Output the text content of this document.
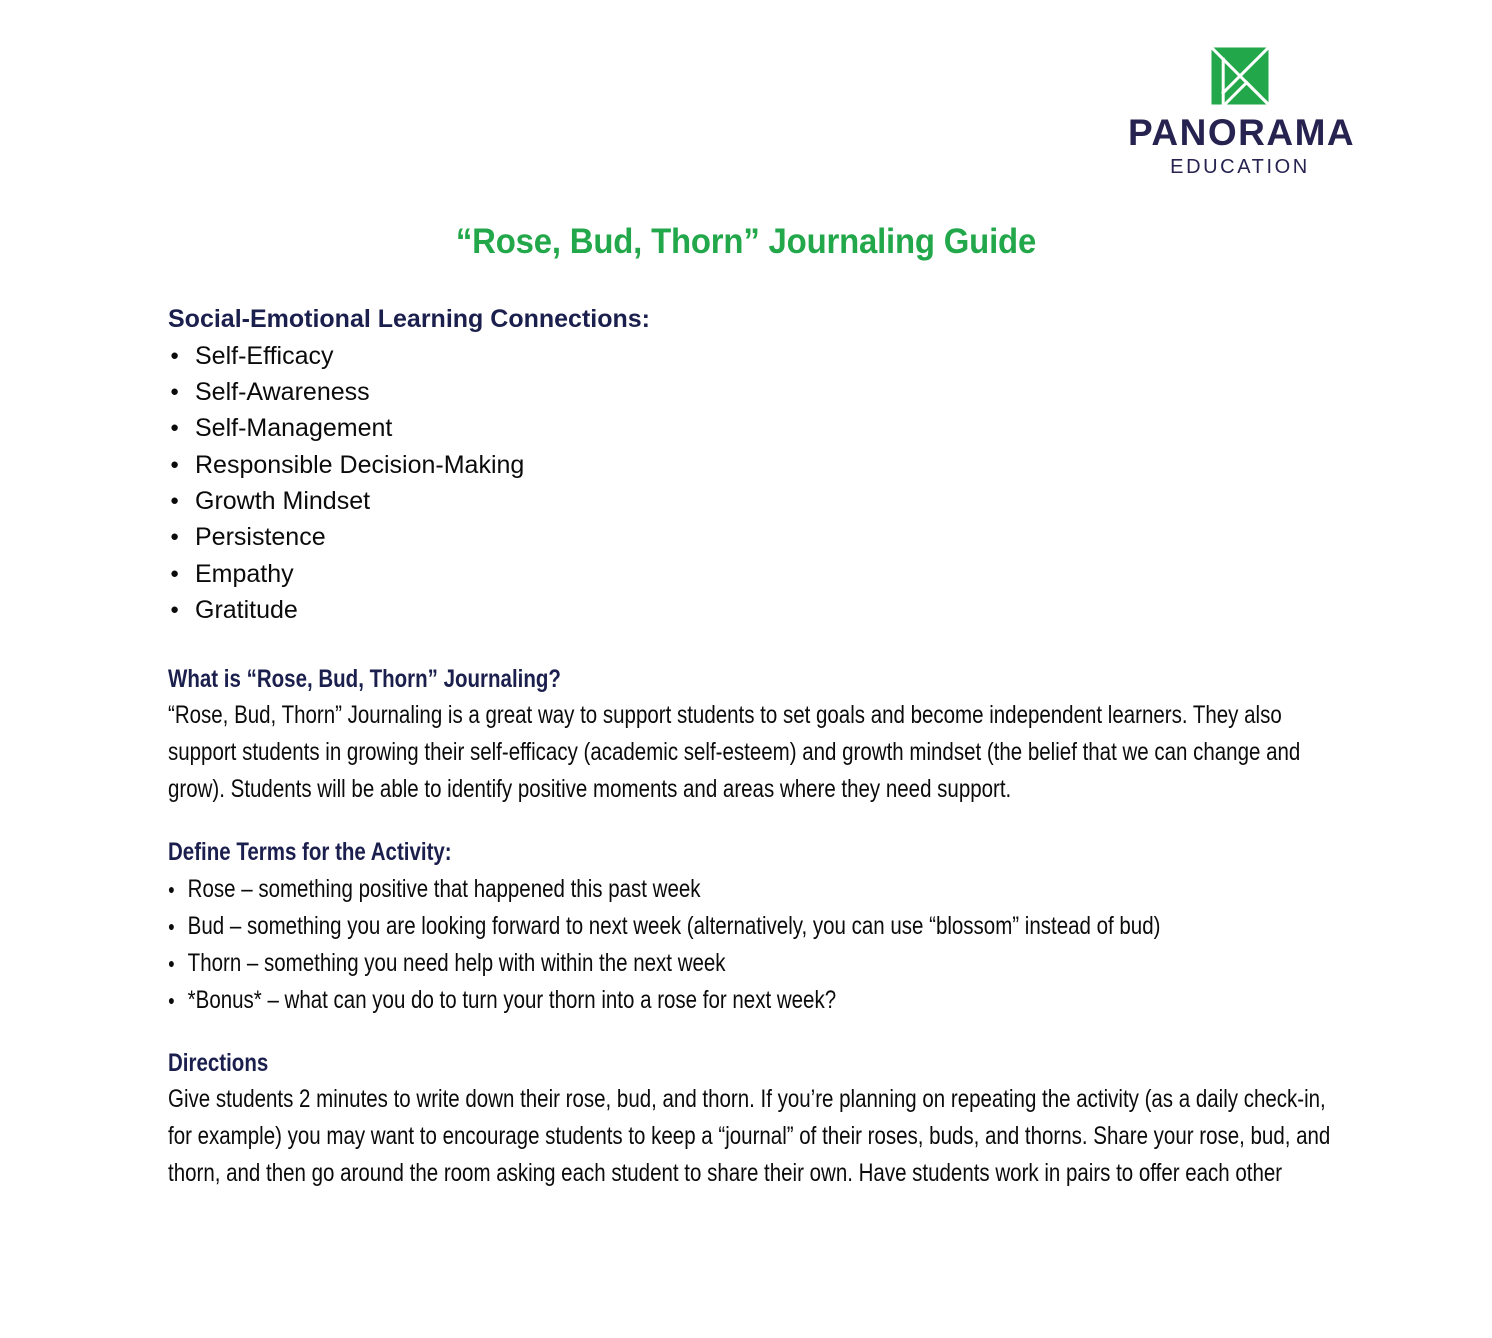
PANORAMA
EDUCATION
“Rose, Bud, Thorn” Journaling Guide
Social-Emotional Learning Connections:
● Self-Efficacy
● Self-Awareness
● Self-Management
● Responsible Decision-Making
● Growth Mindset
● Persistence
● Empathy
● Gratitude
What is “Rose, Bud, Thorn” Journaling?

“Rose, Bud, Thorn” Journaling is a great way to support students to set goals and become independent learners. They also support students in growing their self-efficacy (academic self-esteem) and growth mindset (the belief that we can change and grow). Students will be able to identify positive moments and areas where they need support.

Define Terms for the Activity:
● Rose – something positive that happened this past week
● Bud – something you are looking forward to next week (alternatively, you can use “blossom” instead of bud)
● Thorn – something you need help with within the next week
● *Bonus* – what can you do to turn your thorn into a rose for next week?
Directions

Give students 2 minutes to write down their rose, bud, and thorn. If you’re planning on repeating the activity (as a daily check-in, for example) you may want to encourage students to keep a “journal” of their roses, buds, and thorns. Share your rose, bud, and thorn, and then go around the room asking each student to share their own. Have students work in pairs to offer each other
